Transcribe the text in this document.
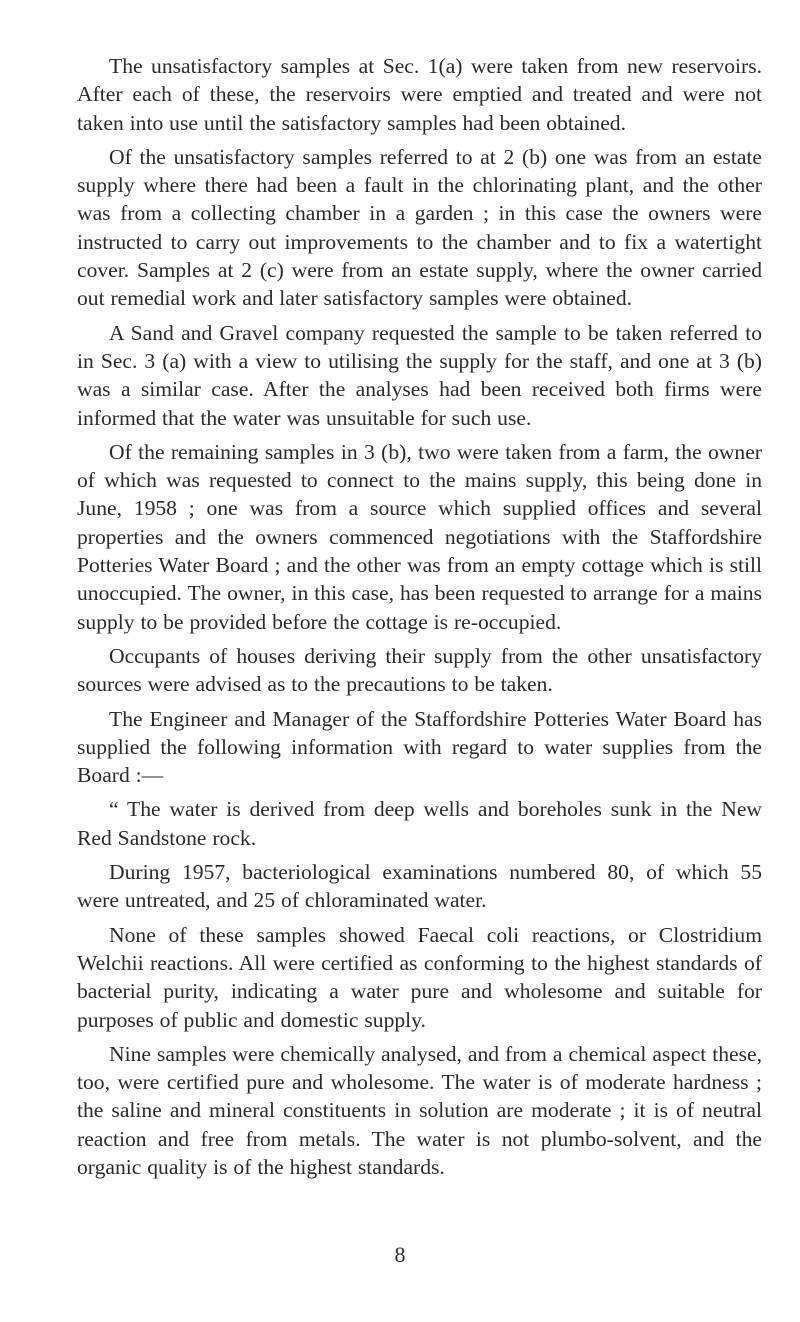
The unsatisfactory samples at Sec. 1(a) were taken from new reservoirs. After each of these, the reservoirs were emptied and treated and were not taken into use until the satisfactory samples had been obtained.

Of the unsatisfactory samples referred to at 2 (b) one was from an estate supply where there had been a fault in the chlorinating plant, and the other was from a collecting chamber in a garden ; in this case the owners were instructed to carry out improvements to the chamber and to fix a watertight cover. Samples at 2 (c) were from an estate supply, where the owner carried out remedial work and later satisfactory samples were obtained.

A Sand and Gravel company requested the sample to be taken referred to in Sec. 3 (a) with a view to utilising the supply for the staff, and one at 3 (b) was a similar case. After the analyses had been received both firms were informed that the water was unsuitable for such use.

Of the remaining samples in 3 (b), two were taken from a farm, the owner of which was requested to connect to the mains supply, this being done in June, 1958 ; one was from a source which supplied offices and several properties and the owners commenced negotiations with the Staffordshire Potteries Water Board ; and the other was from an empty cottage which is still unoccupied. The owner, in this case, has been requested to arrange for a mains supply to be provided before the cottage is re-occupied.

Occupants of houses deriving their supply from the other unsatisfactory sources were advised as to the precautions to be taken.

The Engineer and Manager of the Staffordshire Potteries Water Board has supplied the following information with regard to water supplies from the Board :—

“ The water is derived from deep wells and boreholes sunk in the New Red Sandstone rock.

During 1957, bacteriological examinations numbered 80, of which 55 were untreated, and 25 of chloraminated water.

None of these samples showed Faecal coli reactions, or Clostridium Welchii reactions. All were certified as conforming to the highest standards of bacterial purity, indicating a water pure and wholesome and suitable for purposes of public and domestic supply.

Nine samples were chemically analysed, and from a chemical aspect these, too, were certified pure and wholesome. The water is of moderate hardness ; the saline and mineral constituents in solution are moderate ; it is of neutral reaction and free from metals. The water is not plumbo-solvent, and the organic quality is of the highest standards.

8
